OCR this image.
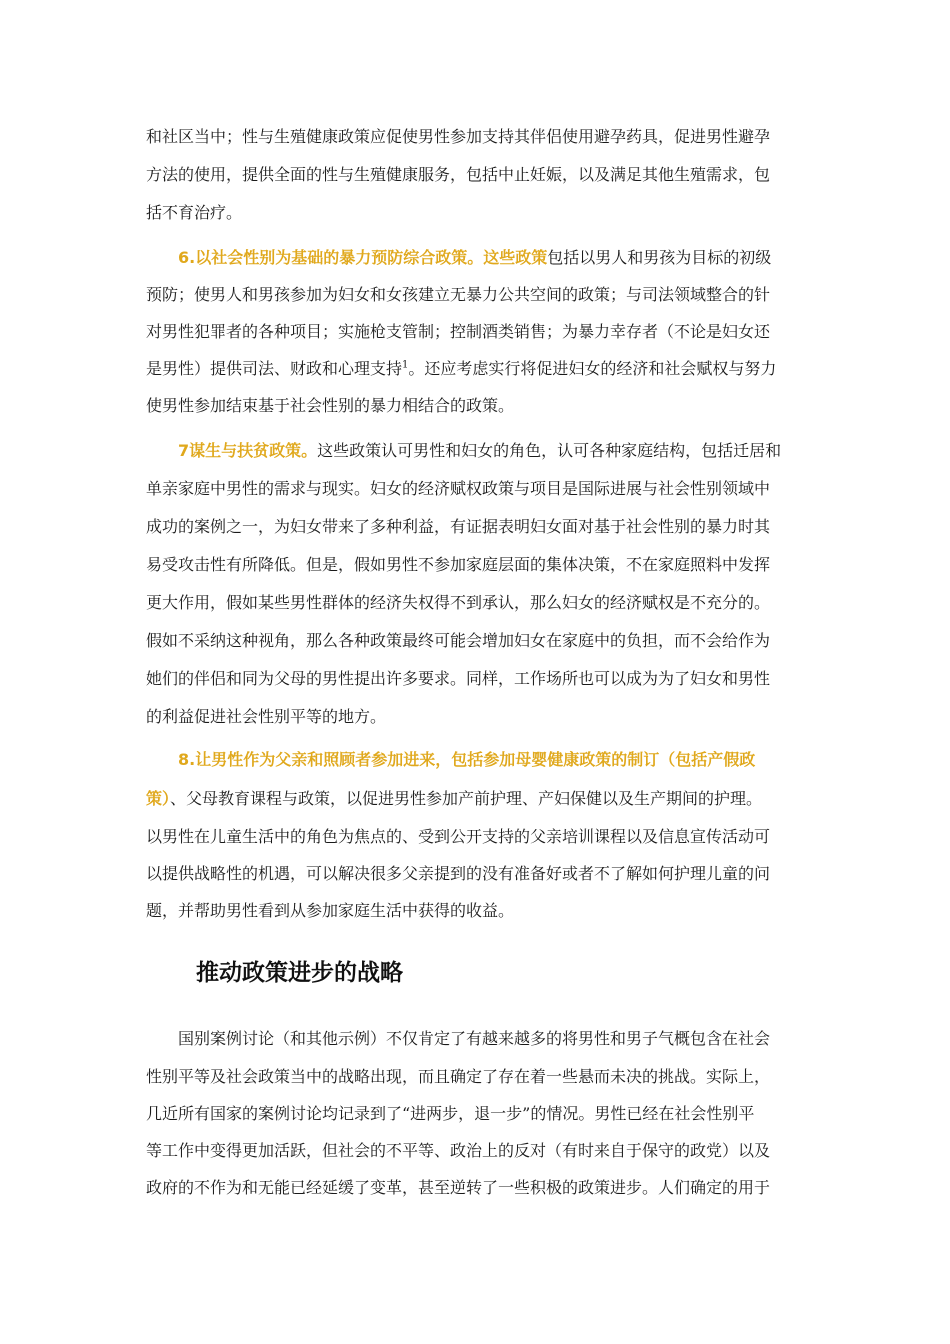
和社区当中；性与生殖健康政策应促使男性参加支持其伴侣使用避孕药具，促进男性避孕
方法的使用，提供全面的性与生殖健康服务，包括中止妊娠，以及满足其他生殖需求，包
括不育治疗。
6.以社会性别为基础的暴力预防综合政策。这些政策包括以男人和男孩为目标的初级
预防；使男人和男孩参加为妇女和女孩建立无暴力公共空间的政策；与司法领域整合的针
对男性犯罪者的各种项目；实施枪支管制；控制酒类销售；为暴力幸存者（不论是妇女还
是男性）提供司法、财政和心理支持$^1$。还应考虑实行将促进妇女的经济和社会赋权与努力
使男性参加结束基于社会性别的暴力相结合的政策。
7谋生与扶贫政策。这些政策认可男性和妇女的角色，认可各种家庭结构，包括迁居和
单亲家庭中男性的需求与现实。妇女的经济赋权政策与项目是国际进展与社会性别领域中
成功的案例之一，为妇女带来了多种利益，有证据表明妇女面对基于社会性别的暴力时其
易受攻击性有所降低。但是，假如男性不参加家庭层面的集体决策，不在家庭照料中发挥
更大作用，假如某些男性群体的经济失权得不到承认，那么妇女的经济赋权是不充分的。
假如不采纳这种视角，那么各种政策最终可能会增加妇女在家庭中的负担，而不会给作为
她们的伴侣和同为父母的男性提出许多要求。同样，工作场所也可以成为为了妇女和男性
的利益促进社会性别平等的地方。
8.让男性作为父亲和照顾者参加进来，包括参加母婴健康政策的制订（包括产假政
策）、父母教育课程与政策，以促进男性参加产前护理、产妇保健以及生产期间的护理。
以男性在儿童生活中的角色为焦点的、受到公开支持的父亲培训课程以及信息宣传活动可
以提供战略性的机遇，可以解决很多父亲提到的没有准备好或者不了解如何护理儿童的问
题，并帮助男性看到从参加家庭生活中获得的收益。
推动政策进步的战略
国别案例讨论（和其他示例）不仅肯定了有越来越多的将男性和男子气概包含在社会
性别平等及社会政策当中的战略出现，而且确定了存在着一些悬而未决的挑战。实际上，
几近所有国家的案例讨论均记录到了“进两步，退一步”的情况。男性已经在社会性别平
等工作中变得更加活跃，但社会的不平等、政治上的反对（有时来自于保守的政党）以及
政府的不作为和无能已经延缓了变革，甚至逆转了一些积极的政策进步。人们确定的用于
